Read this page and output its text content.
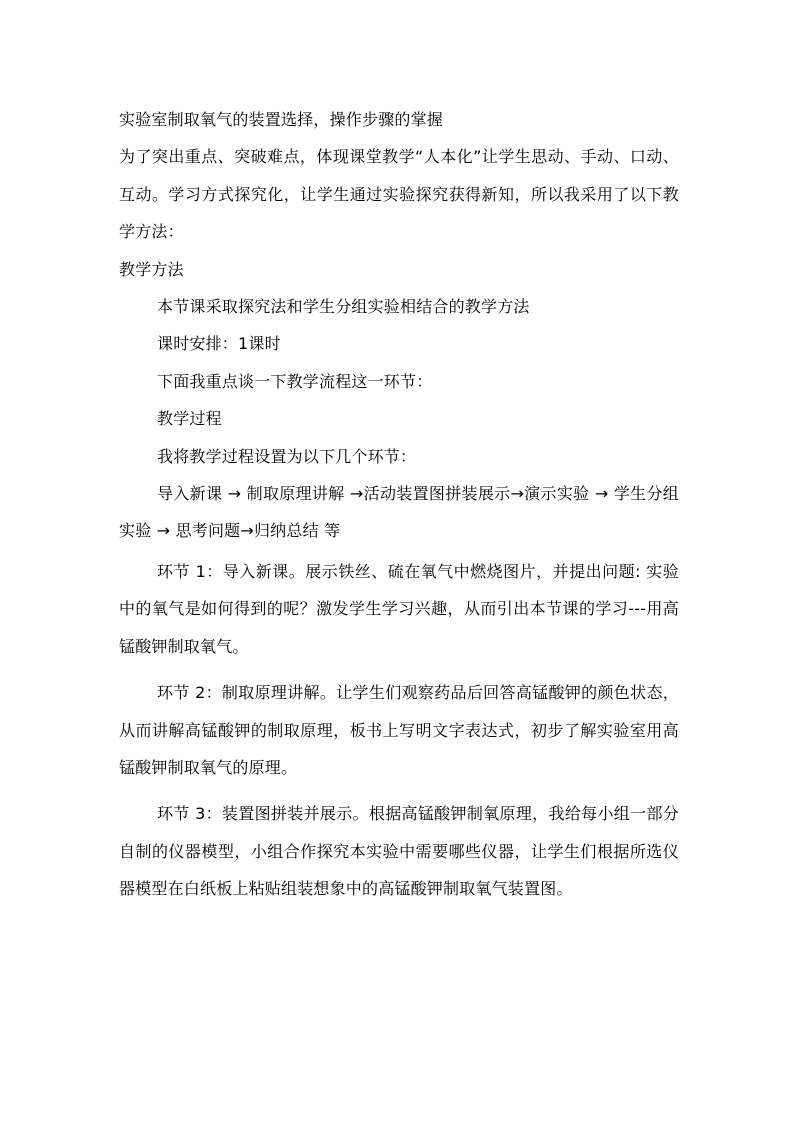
实验室制取氧气的装置选择，操作步骤的掌握

为了突出重点、突破难点，体现课堂教学“人本化”让学生思动、手动、口动、互动。学习方式探究化，让学生通过实验探究获得新知，所以我采用了以下教学方法：

教学方法

本节课采取探究法和学生分组实验相结合的教学方法

课时安排：1课时

下面我重点谈一下教学流程这一环节：

教学过程

我将教学过程设置为以下几个环节：

导入新课 → 制取原理讲解 →活动装置图拼装展示→演示实验 → 学生分组实验 → 思考问题→归纳总结 等

环节 1：导入新课。展示铁丝、硫在氧气中燃烧图片，并提出问题: 实验中的氧气是如何得到的呢？激发学生学习兴趣，从而引出本节课的学习---用高锰酸钾制取氧气。

环节 2：制取原理讲解。让学生们观察药品后回答高锰酸钾的颜色状态，从而讲解高锰酸钾的制取原理，板书上写明文字表达式，初步了解实验室用高锰酸钾制取氧气的原理。

环节 3：装置图拼装并展示。根据高锰酸钾制氧原理，我给每小组一部分自制的仪器模型，小组合作探究本实验中需要哪些仪器，让学生们根据所选仪器模型在白纸板上粘贴组装想象中的高锰酸钾制取氧气装置图。
